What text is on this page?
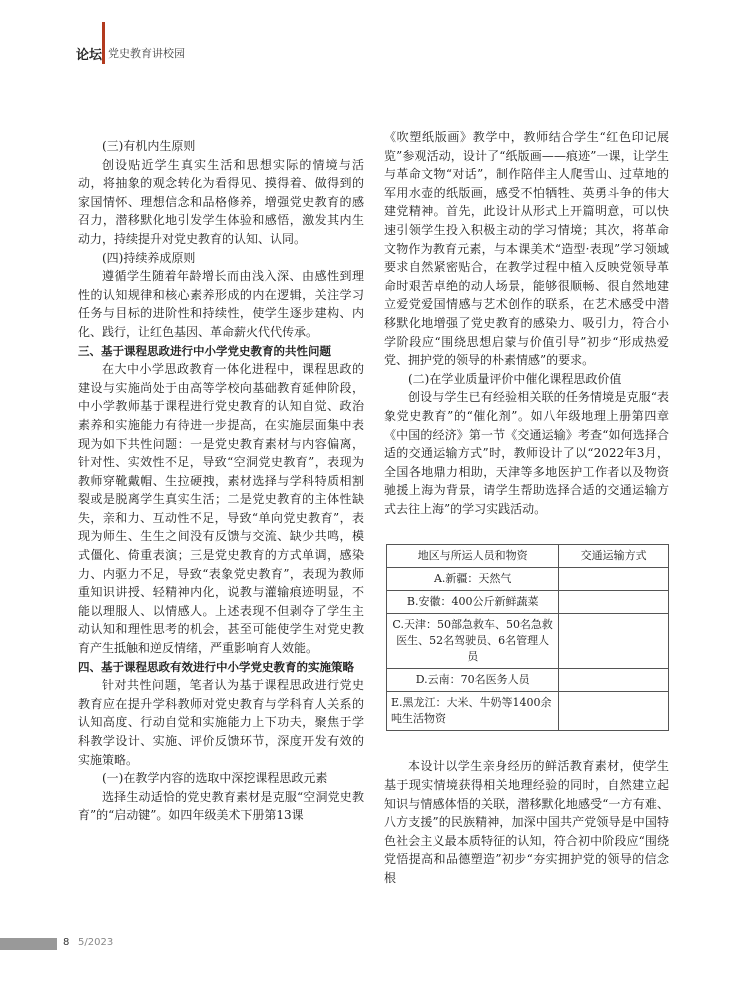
论坛 党史教育讲校园

(三)有机内生原则

创设贴近学生真实生活和思想实际的情境与活动，将抽象的观念转化为看得见、摸得着、做得到的家国情怀、理想信念和品格修养，增强党史教育的感召力，潜移默化地引发学生体验和感悟，激发其内生动力，持续提升对党史教育的认知、认同。

(四)持续养成原则

遵循学生随着年龄增长而由浅入深、由感性到理性的认知规律和核心素养形成的内在逻辑，关注学习任务与目标的进阶性和持续性，使学生逐步建构、内化、践行，让红色基因、革命薪火代代传承。

三、基于课程思政进行中小学党史教育的共性问题

在大中小学思政教育一体化进程中，课程思政的建设与实施尚处于由高等学校向基础教育延伸阶段，中小学教师基于课程进行党史教育的认知自觉、政治素养和实施能力有待进一步提高，在实施层面集中表现为如下共性问题：一是党史教育素材与内容偏离，针对性、实效性不足，导致“空洞党史教育”，表现为教师穿靴戴帽、生拉硬拽，素材选择与学科特质相割裂或是脱离学生真实生活；二是党史教育的主体性缺失，亲和力、互动性不足，导致“单向党史教育”，表现为师生、生生之间没有反馈与交流、缺少共鸣，模式僵化、倚重表演；三是党史教育的方式单调，感染力、内驱力不足，导致“表象党史教育”，表现为教师重知识讲授、轻精神内化，说教与灌输痕迹明显，不能以理服人、以情感人。上述表现不但剥夺了学生主动认知和理性思考的机会，甚至可能使学生对党史教育产生抵触和逆反情绪，严重影响育人效能。

四、基于课程思政有效进行中小学党史教育的实施策略

针对共性问题，笔者认为基于课程思政进行党史教育应在提升学科教师对党史教育与学科育人关系的认知高度、行动自觉和实施能力上下功夫，聚焦于学科教学设计、实施、评价反馈环节，深度开发有效的实施策略。

(一)在教学内容的选取中深挖课程思政元素

选择生动适恰的党史教育素材是克服“空洞党史教育”的“启动键”。如四年级美术下册第13课

《吹塑纸版画》教学中，教师结合学生“红色印记展览”参观活动，设计了“纸版画——痕迹”一课，让学生与革命文物“对话”，制作陪伴主人爬雪山、过草地的军用水壶的纸版画，感受不怕牺牲、英勇斗争的伟大建党精神。首先，此设计从形式上开篇明意，可以快速引领学生投入积极主动的学习情境；其次，将革命文物作为教育元素，与本课美术“造型·表现”学习领域要求自然紧密贴合，在教学过程中植入反映党领导革命时艰苦卓绝的动人场景，能够很顺畅、很自然地建立爱党爱国情感与艺术创作的联系，在艺术感受中潜移默化地增强了党史教育的感染力、吸引力，符合小学阶段应“围绕思想启蒙与价值引导”初步“形成热爱党、拥护党的领导的朴素情感”的要求。

(二)在学业质量评价中催化课程思政价值

创设与学生已有经验相关联的任务情境是克服“表象党史教育”的“催化剂”。如八年级地理上册第四章《中国的经济》第一节《交通运输》考查“如何选择合适的交通运输方式”时，教师设计了以“2022年3月，全国各地鼎力相助，天津等多地医护工作者以及物资驰援上海为背景，请学生帮助选择合适的交通运输方式去往上海”的学习实践活动。

地区与所运人员和物资	交通运输方式
A.新疆：天然气	
B.安徽：400公斤新鲜蔬菜	
C.天津：50部急救车、50名急救医生、52名驾驶员、6名管理人员	
D.云南：70名医务人员	
E.黑龙江：大米、牛奶等1400余吨生活物资	

本设计以学生亲身经历的鲜活教育素材，使学生基于现实情境获得相关地理经验的同时，自然建立起知识与情感体悟的关联，潜移默化地感受“一方有难、八方支援”的民族精神，加深中国共产党领导是中国特色社会主义最本质特征的认知，符合初中阶段应“围绕党悟提高和品德塑造”初步“夯实拥护党的领导的信念根

8 5/2023
